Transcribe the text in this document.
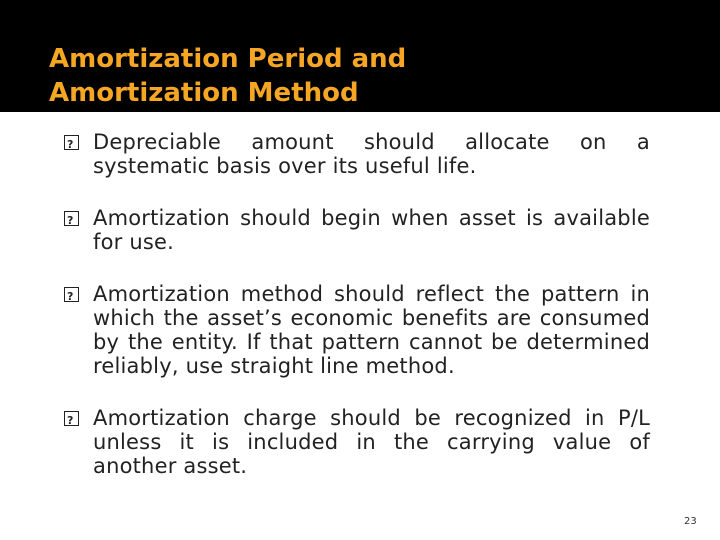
Amortization Period and
Amortization Method
?
Depreciable amount should allocate on a systematic basis over its useful life.
?
Amortization should begin when asset is available for use.
?
Amortization method should reflect the pattern in which the asset’s economic benefits are consumed by the entity. If that pattern cannot be determined reliably, use straight line method.
?
Amortization charge should be recognized in P/L unless it is included in the carrying value of another asset.
23
